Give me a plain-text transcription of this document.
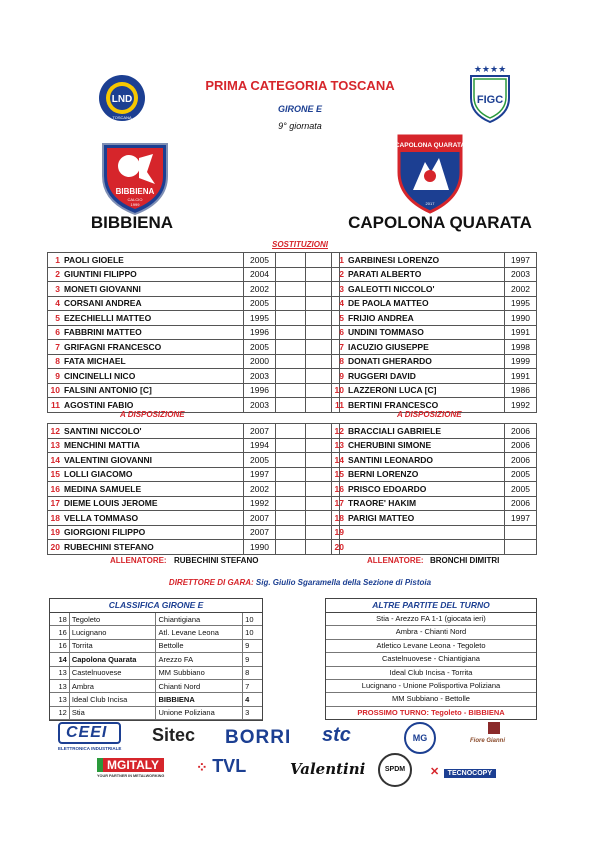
LND
TOSCANA
★★★★
FIGC
PRIMA CATEGORIA TOSCANA
GIRONE E
9° giornata
BIBBIENA
CALCIO
1999
CAPOLONA QUARATA
2017
BIBBIENA	CAPOLONA QUARATA
SOSTITUZIONI
1	PAOLI GIOELE	2005		
2	GIUNTINI FILIPPO	2004		
3	MONETI GIOVANNI	2002		
4	CORSANI ANDREA	2005		
5	EZECHIELLI MATTEO	1995		
6	FABBRINI MATTEO	1996		
7	GRIFAGNI FRANCESCO	2005		
8	FATA MICHAEL	2000		
9	CINCINELLI NICO	2003		
10	FALSINI ANTONIO [C]	1996		
11	AGOSTINI FABIO	2003		
1	GARBINESI LORENZO	1997
2	PARATI ALBERTO	2003
3	GALEOTTI NICCOLO'	2002
4	DE PAOLA MATTEO	1995
5	FRIJIO ANDREA	1990
6	UNDINI TOMMASO	1991
7	IACUZIO GIUSEPPE	1998
8	DONATI GHERARDO	1999
9	RUGGERI DAVID	1991
10	LAZZERONI LUCA [C]	1986
11	BERTINI FRANCESCO	1992
A DISPOSIZIONE	A DISPOSIZIONE
12	SANTINI NICCOLO'	2007		
13	MENCHINI MATTIA	1994		
14	VALENTINI GIOVANNI	2005		
15	LOLLI GIACOMO	1997		
16	MEDINA SAMUELE	2002		
17	DIEME LOUIS JEROME	1992		
18	VELLA TOMMASO	2007		
19	GIORGIONI FILIPPO	2007		
20	RUBECHINI STEFANO	1990		
12	BRACCIALI GABRIELE	2006
13	CHERUBINI SIMONE	2006
14	SANTINI LEONARDO	2006
15	BERNI LORENZO	2005
16	PRISCO EDOARDO	2005
17	TRAORE' HAKIM	2006
18	PARIGI MATTEO	1997
19		
20		
ALLENATORE: RUBECHINI STEFANO	ALLENATORE: BRONCHI DIMITRI
DIRETTORE DI GARA: Sig. Giulio Sgaramella della Sezione di Pistoia
CLASSIFICA GIRONE E
18	Tegoleto	Chiantigiana	10
16	Lucignano	Atl. Levane Leona	10
16	Torrita	Bettolle	9
14	Capolona Quarata	Arezzo FA	9
13	Castelnuovese	MM Subbiano	8
13	Ambra	Chianti Nord	7
13	Ideal Club Incisa	BIBBIENA	4
12	Stia	Unione Poliziana	3
ALTRE PARTITE DEL TURNO
Stia - Arezzo FA 1-1 (giocata ieri)
Ambra - Chianti Nord
Atletico Levane Leona - Tegoleto
Castelnuovese - Chiantigiana
Ideal Club Incisa - Torrita
Lucignano - Unione Polisportiva Poliziana
MM Subbiano - Bettolle
PROSSIMO TURNO: Tegoleto - BIBBIENA
CEEI
ELETTRONICA INDUSTRIALE
Sitec BORRI stc	MG	Fiore Gianni
MGITALY
YOUR PARTNER IN METALWORKING
⁘ TVL	Valentini	SPDM	✕ TECNOCOPY
